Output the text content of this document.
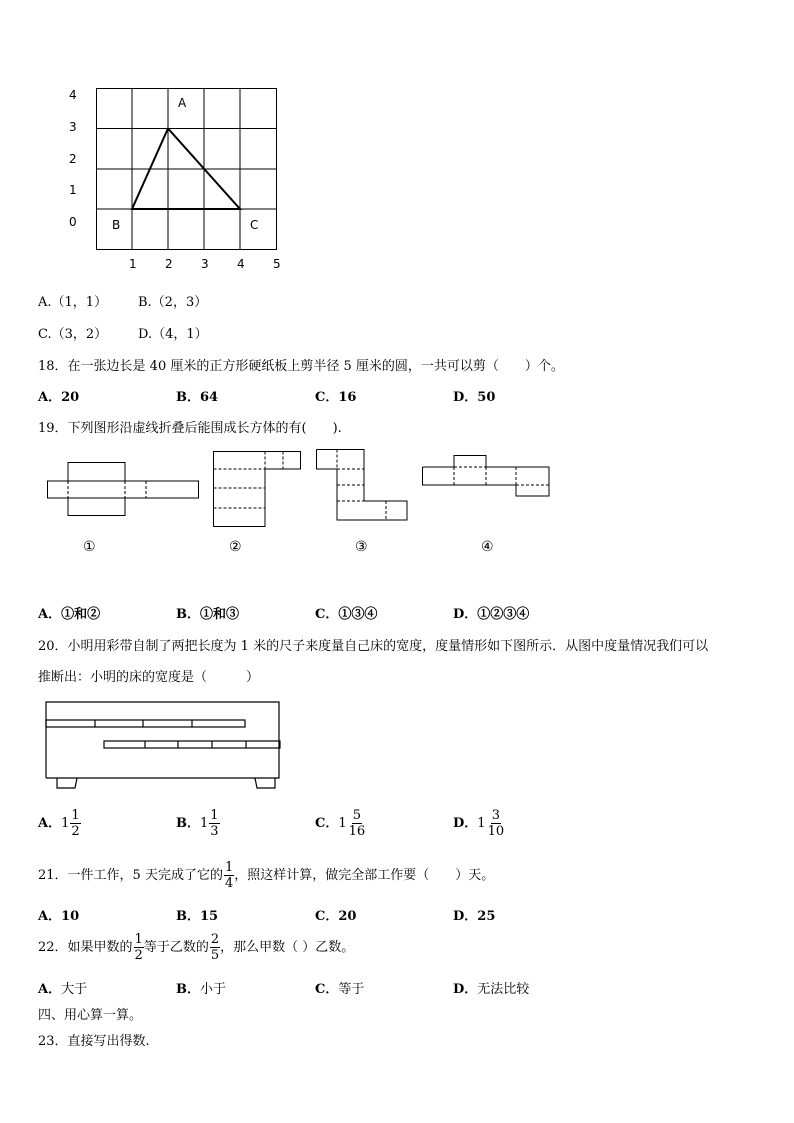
4
3
2
1
0
A
B	C
1 2 3 4 5
A.（1，1） B.（2，3）
C.（3，2） D.（4，1）
18．在一张边长是 40 厘米的正方形硬纸板上剪半径 5 厘米的圆，一共可以剪（　　）个。
A．20	B．64	C．16	D．50
19．下列图形沿虚线折叠后能围成长方体的有(　　).
①	②	③	④
A．①和②	B．①和③	C．①③④	D．①②③④
20．小明用彩带自制了两把长度为 1 米的尺子来度量自己床的宽度，度量情形如下图所示．从图中度量情况我们可以
推断出：小明的床的宽度是（　　　）
A． $1 \frac{1}{2}$	B． $1 \frac{1}{3}$	C． $1 \frac{5}{16}$	D． $1 \frac{3}{10}$
21．一件工作，5 天完成了它的 $\frac{1}{4}$ ，照这样计算，做完全部工作要（　　）天。
A．10	B．15	C．20	D．25
22．如果甲数的 $\frac{1}{2}$ 等于乙数的 $\frac{2}{5}$ ，那么甲数（ ）乙数。
A．大于	B．小于	C．等于	D．无法比较
四、用心算一算。
23．直接写出得数.
